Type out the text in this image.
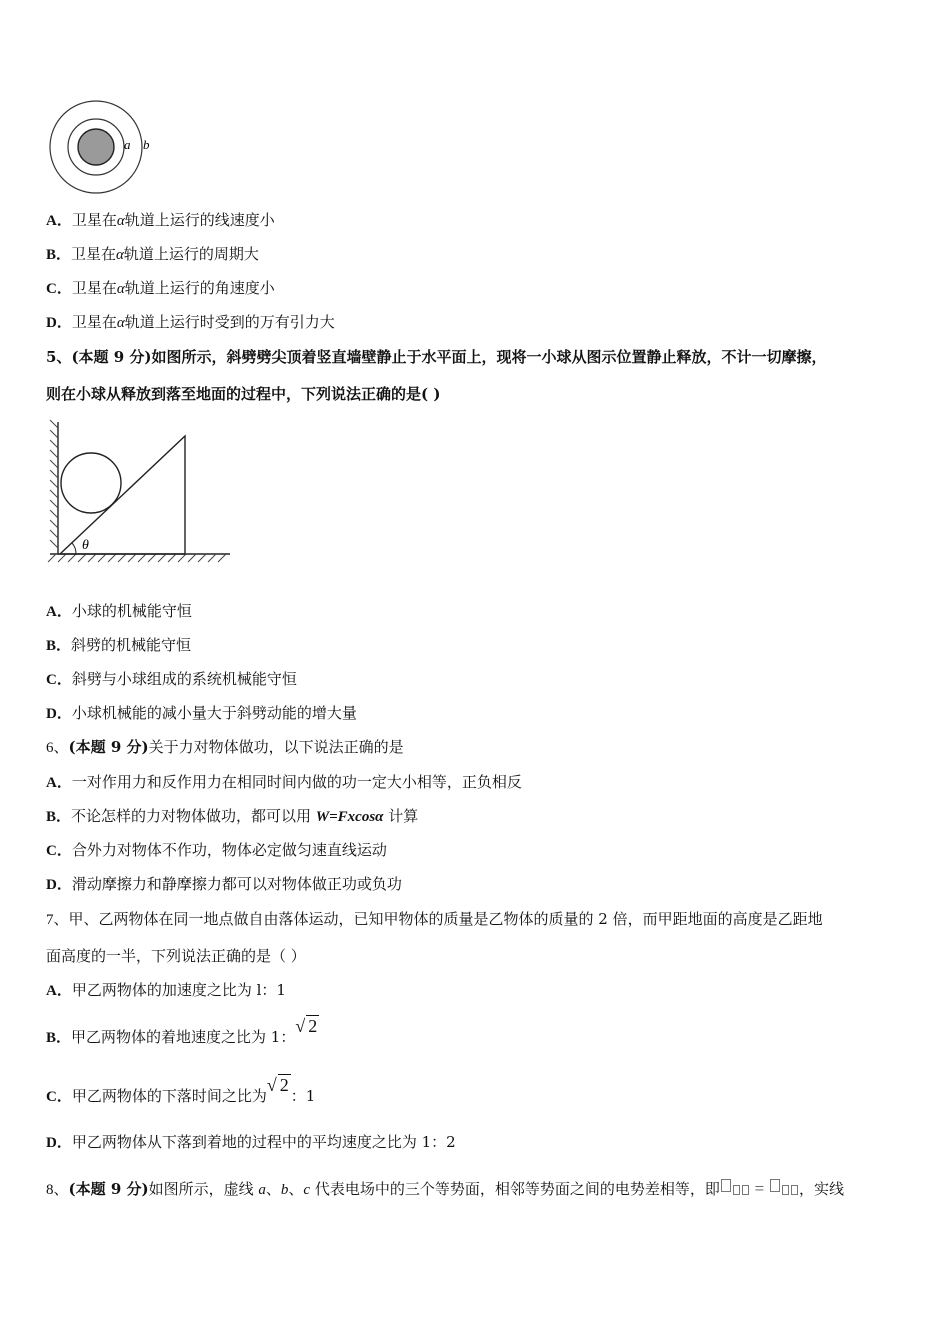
a b
A．卫星在α轨道上运行的线速度小
B．卫星在α轨道上运行的周期大
C．卫星在α轨道上运行的角速度小
D．卫星在α轨道上运行时受到的万有引力大
5、(本题 9 分)如图所示，斜劈劈尖顶着竖直墙壁静止于水平面上，现将一小球从图示位置静止释放，不计一切摩擦，
则在小球从释放到落至地面的过程中，下列说法正确的是( )
θ
A．小球的机械能守恒
B．斜劈的机械能守恒
C．斜劈与小球组成的系统机械能守恒
D．小球机械能的减小量大于斜劈动能的增大量
6、(本题 9 分)关于力对物体做功，以下说法正确的是
A．一对作用力和反作用力在相同时间内做的功一定大小相等，正负相反
B．不论怎样的力对物体做功，都可以用 W=Fxcosα 计算
C．合外力对物体不作功，物体必定做匀速直线运动
D．滑动摩擦力和静摩擦力都可以对物体做正功或负功
7、甲、乙两物体在同一地点做自由落体运动，已知甲物体的质量是乙物体的质量的 2 倍，而甲距地面的高度是乙距地
面高度的一半，下列说法正确的是（ ）
A．甲乙两物体的加速度之比为 l：1
B．甲乙两物体的着地速度之比为 1：√ 2
C．甲乙两物体的下落时间之比为√ 2：1
D．甲乙两物体从下落到着地的过程中的平均速度之比为 1：2
8、(本题 9 分)如图所示，虚线 a、b、c 代表电场中的三个等势面，相邻等势面之间的电势差相等，即 = ，实线
